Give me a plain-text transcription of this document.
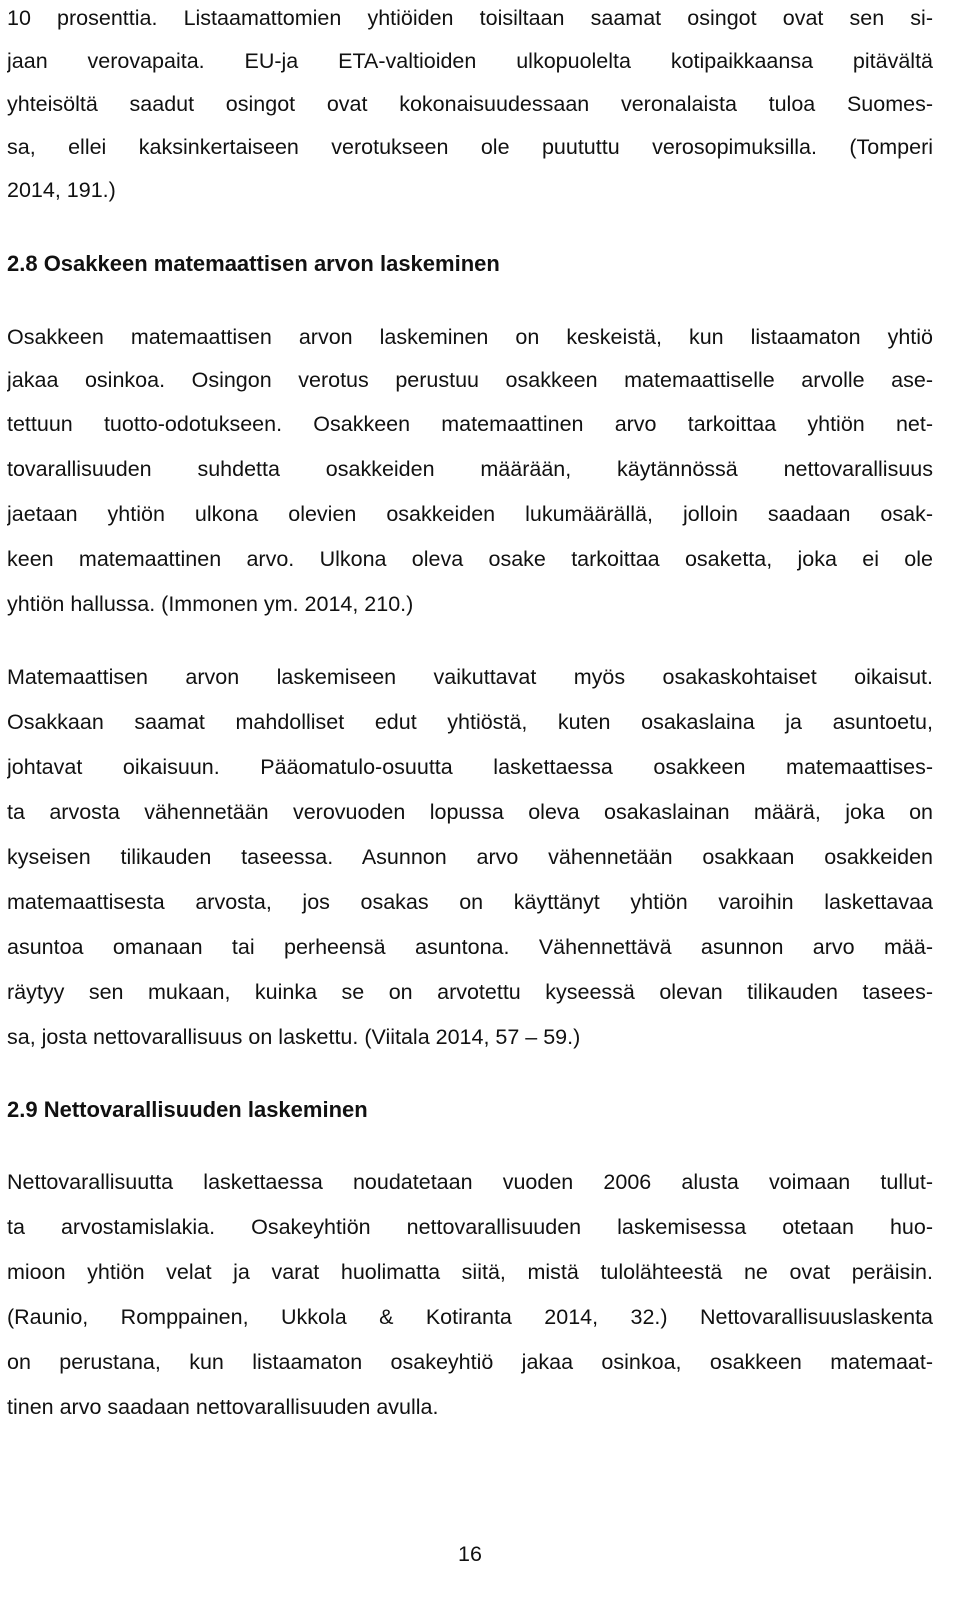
10 prosenttia. Listaamattomien yhtiöiden toisiltaan saamat osingot ovat sen si-
jaan verovapaita. EU-ja ETA-valtioiden ulkopuolelta kotipaikkaansa pitävältä
yhteisöltä saadut osingot ovat kokonaisuudessaan veronalaista tuloa Suomes-
sa, ellei kaksinkertaiseen verotukseen ole puututtu verosopimuksilla. (Tomperi
2014, 191.)
2.8 Osakkeen matemaattisen arvon laskeminen
Osakkeen matemaattisen arvon laskeminen on keskeistä, kun listaamaton yhtiö
jakaa osinkoa. Osingon verotus perustuu osakkeen matemaattiselle arvolle ase-
tettuun tuotto-odotukseen. Osakkeen matemaattinen arvo tarkoittaa yhtiön net-
tovarallisuuden suhdetta osakkeiden määrään, käytännössä nettovarallisuus
jaetaan yhtiön ulkona olevien osakkeiden lukumäärällä, jolloin saadaan osak-
keen matemaattinen arvo. Ulkona oleva osake tarkoittaa osaketta, joka ei ole
yhtiön hallussa. (Immonen ym. 2014, 210.)
Matemaattisen arvon laskemiseen vaikuttavat myös osakaskohtaiset oikaisut.
Osakkaan saamat mahdolliset edut yhtiöstä, kuten osakaslaina ja asuntoetu,
johtavat oikaisuun. Pääomatulo-osuutta laskettaessa osakkeen matemaattises-
ta arvosta vähennetään verovuoden lopussa oleva osakaslainan määrä, joka on
kyseisen tilikauden taseessa. Asunnon arvo vähennetään osakkaan osakkeiden
matemaattisesta arvosta, jos osakas on käyttänyt yhtiön varoihin laskettavaa
asuntoa omanaan tai perheensä asuntona. Vähennettävä asunnon arvo mää-
räytyy sen mukaan, kuinka se on arvotettu kyseessä olevan tilikauden tasees-
sa, josta nettovarallisuus on laskettu. (Viitala 2014, 57 – 59.)
2.9 Nettovarallisuuden laskeminen
Nettovarallisuutta laskettaessa noudatetaan vuoden 2006 alusta voimaan tullut-
ta arvostamislakia. Osakeyhtiön nettovarallisuuden laskemisessa otetaan huo-
mioon yhtiön velat ja varat huolimatta siitä, mistä tulolähteestä ne ovat peräisin.
(Raunio, Romppainen, Ukkola & Kotiranta 2014, 32.) Nettovarallisuuslaskenta
on perustana, kun listaamaton osakeyhtiö jakaa osinkoa, osakkeen matemaat-
tinen arvo saadaan nettovarallisuuden avulla.
16
